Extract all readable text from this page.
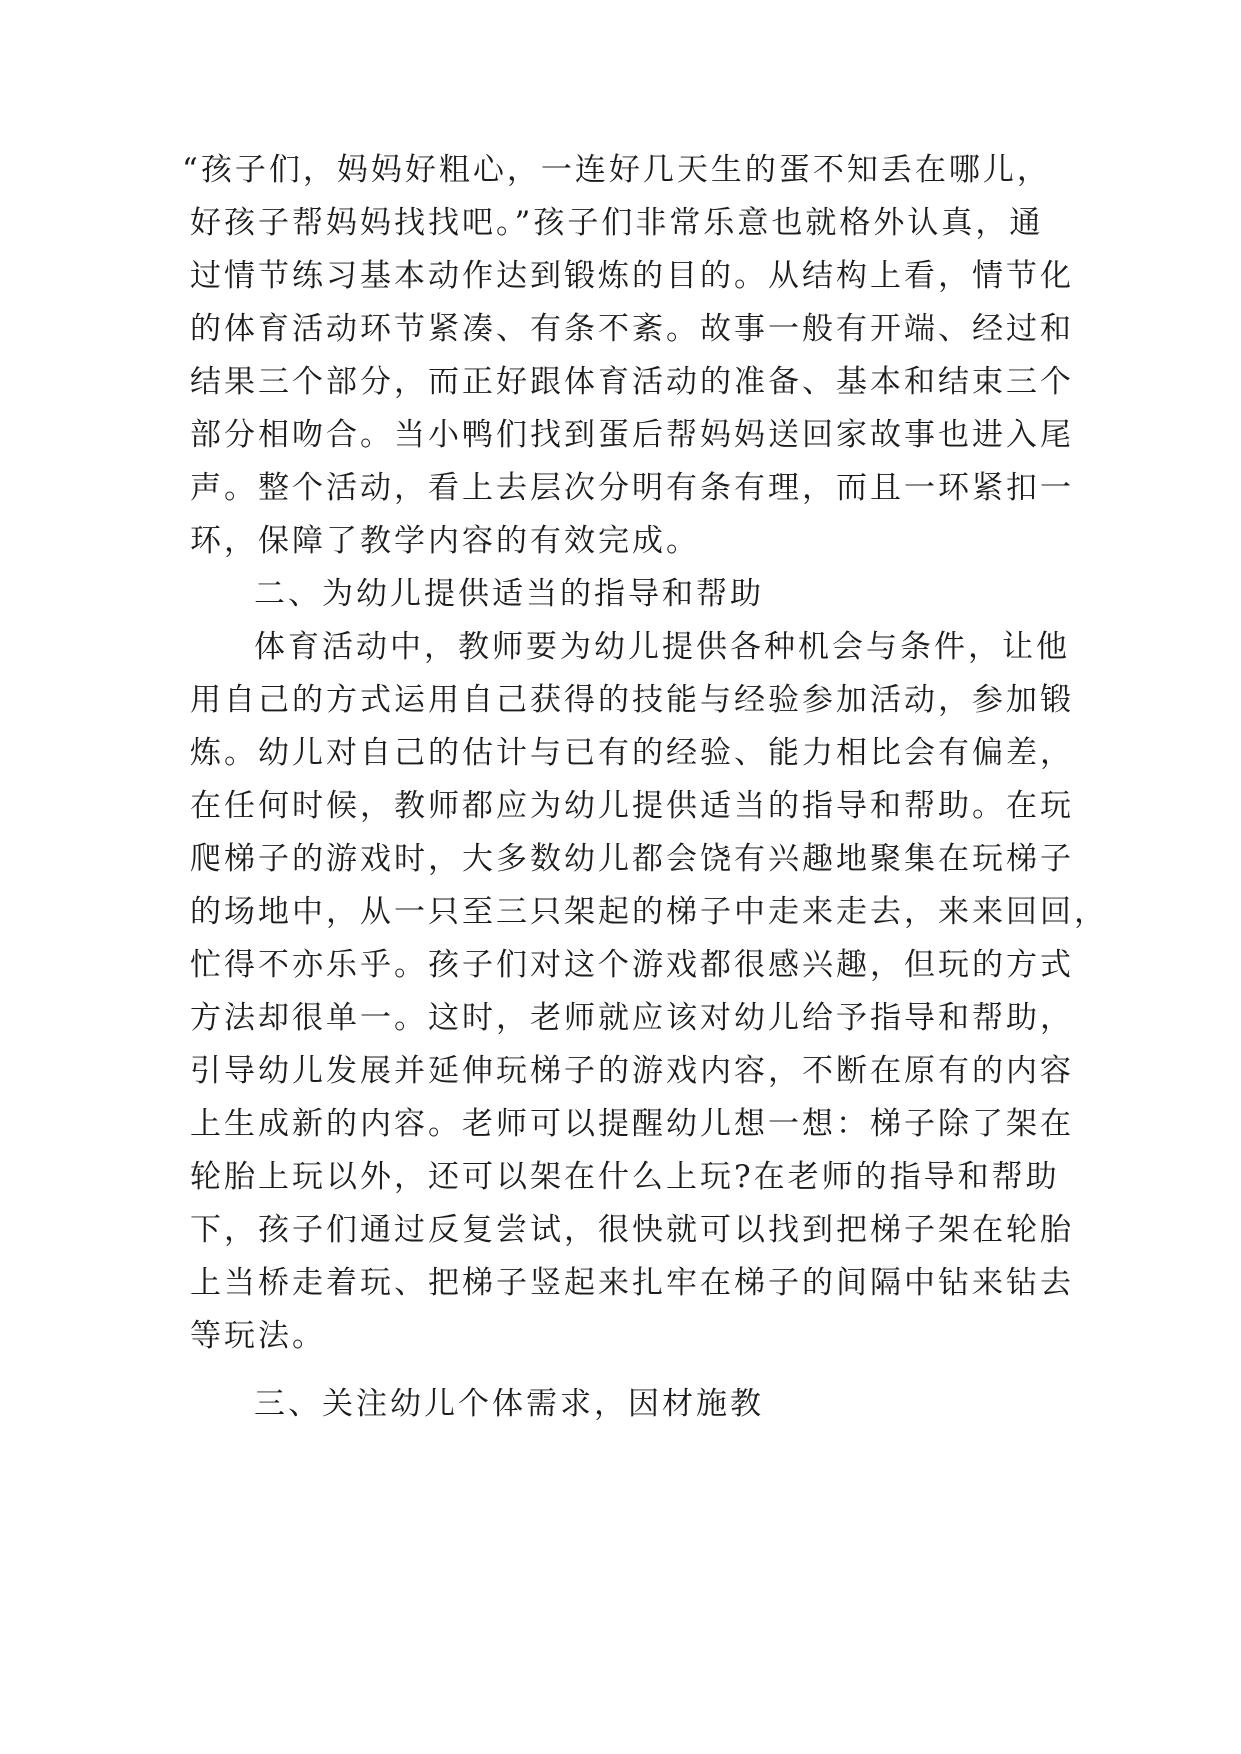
“孩子们，妈妈好粗心，一连好几天生的蛋不知丢在哪儿，
好孩子帮妈妈找找吧。”孩子们非常乐意也就格外认真，通
过情节练习基本动作达到锻炼的目的。从结构上看，情节化
的体育活动环节紧凑、有条不紊。故事一般有开端、经过和
结果三个部分，而正好跟体育活动的准备、基本和结束三个
部分相吻合。当小鸭们找到蛋后帮妈妈送回家故事也进入尾
声。整个活动，看上去层次分明有条有理，而且一环紧扣一
环，保障了教学内容的有效完成。
二、为幼儿提供适当的指导和帮助
体育活动中，教师要为幼儿提供各种机会与条件，让他
用自己的方式运用自己获得的技能与经验参加活动，参加锻
炼。幼儿对自己的估计与已有的经验、能力相比会有偏差，
在任何时候，教师都应为幼儿提供适当的指导和帮助。在玩
爬梯子的游戏时，大多数幼儿都会饶有兴趣地聚集在玩梯子
的场地中，从一只至三只架起的梯子中走来走去，来来回回，
忙得不亦乐乎。孩子们对这个游戏都很感兴趣，但玩的方式
方法却很单一。这时，老师就应该对幼儿给予指导和帮助，
引导幼儿发展并延伸玩梯子的游戏内容，不断在原有的内容
上生成新的内容。老师可以提醒幼儿想一想：梯子除了架在
轮胎上玩以外，还可以架在什么上玩?在老师的指导和帮助
下，孩子们通过反复尝试，很快就可以找到把梯子架在轮胎
上当桥走着玩、把梯子竖起来扎牢在梯子的间隔中钻来钻去
等玩法。
三、关注幼儿个体需求，因材施教
